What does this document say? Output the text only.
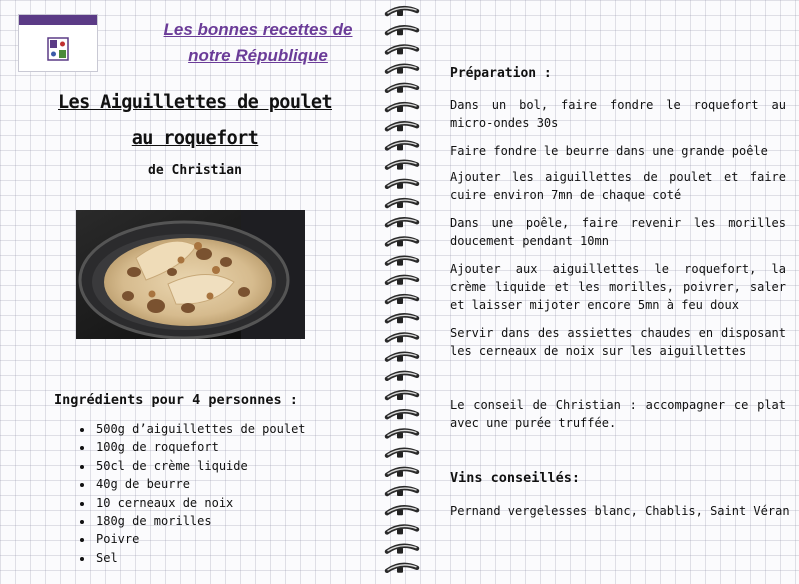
Les bonnes recettes de
notre République
Les Aiguillettes de poulet
au roquefort
de Christian
Ingrédients pour 4 personnes :
• 500g d’aiguillettes de poulet
• 100g de roquefort
• 50cl de crème liquide
• 40g de beurre
• 10 cerneaux de noix
• 180g de morilles
• Poivre
• Sel
Préparation :
Dans un bol, faire fondre le roquefort au micro-ondes 30s
Faire fondre le beurre dans une grande poêle
Ajouter les aiguillettes de poulet et faire cuire environ 7mn de chaque coté
Dans une poêle, faire revenir les morilles doucement pendant 10mn
Ajouter aux aiguillettes le roquefort, la crème liquide et les morilles, poivrer, saler et laisser mijoter encore 5mn à feu doux
Servir dans des assiettes chaudes en disposant les cerneaux de noix sur les aiguillettes
Le conseil de Christian : accompagner ce plat avec une purée truffée.
Vins conseillés:
Pernand vergelesses blanc, Chablis, Saint Véran
